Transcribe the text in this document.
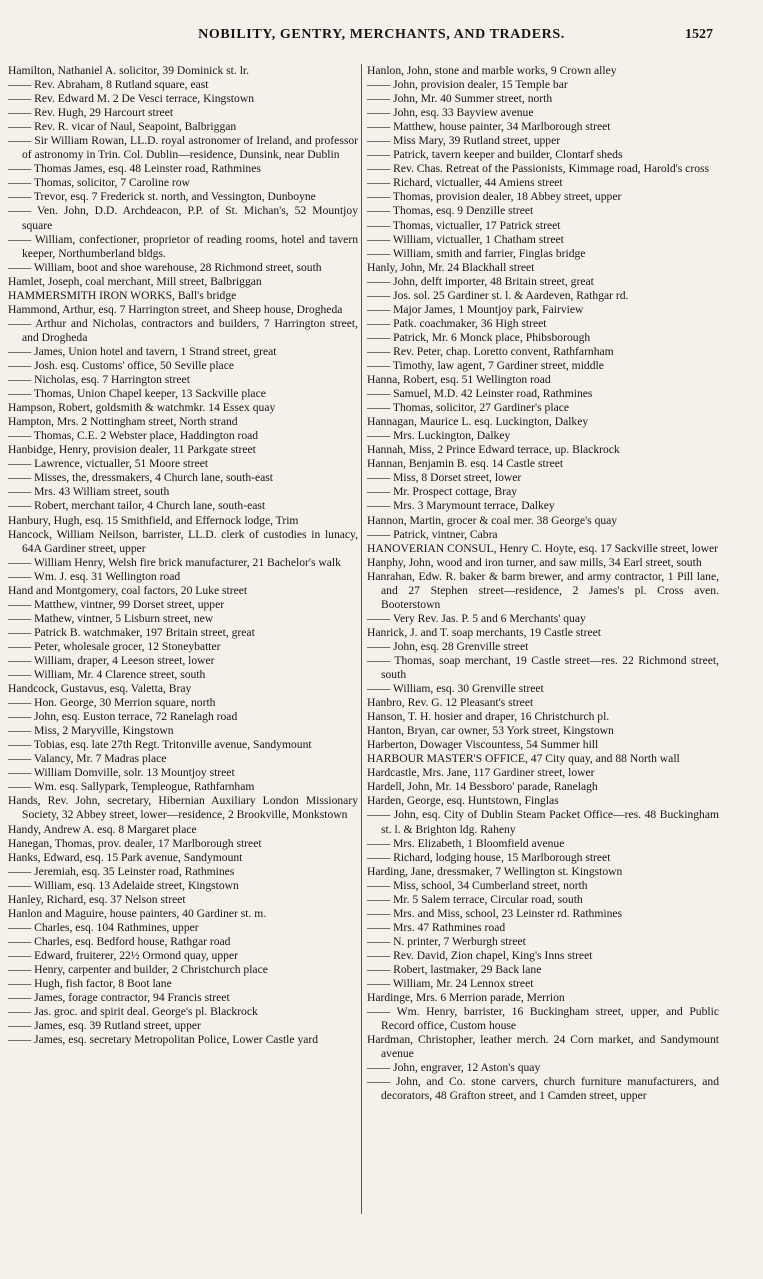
NOBILITY, GENTRY, MERCHANTS, AND TRADERS.	1527

Hamilton, Nathaniel A. solicitor, 39 Dominick st. lr.

—— Rev. Abraham, 8 Rutland square, east

—— Rev. Edward M. 2 De Vesci terrace, Kingstown

—— Rev. Hugh, 29 Harcourt street

—— Rev. R. vicar of Naul, Seapoint, Balbriggan

—— Sir William Rowan, LL.D. royal astronomer of Ireland, and professor of astronomy in Trin. Col. Dublin—residence, Dunsink, near Dublin

—— Thomas James, esq. 48 Leinster road, Rathmines

—— Thomas, solicitor, 7 Caroline row

—— Trevor, esq. 7 Frederick st. north, and Vessington, Dunboyne

—— Ven. John, D.D. Archdeacon, P.P. of St. Michan's, 52 Mountjoy square

—— William, confectioner, proprietor of reading rooms, hotel and tavern keeper, Northumberland bldgs.

—— William, boot and shoe warehouse, 28 Richmond street, south

Hamlet, Joseph, coal merchant, Mill street, Balbriggan

HAMMERSMITH IRON WORKS, Ball's bridge

Hammond, Arthur, esq. 7 Harrington street, and Sheep house, Drogheda

—— Arthur and Nicholas, contractors and builders, 7 Harrington street, and Drogheda

—— James, Union hotel and tavern, 1 Strand street, great

—— Josh. esq. Customs' office, 50 Seville place

—— Nicholas, esq. 7 Harrington street

—— Thomas, Union Chapel keeper, 13 Sackville place

Hampson, Robert, goldsmith & watchmkr. 14 Essex quay

Hampton, Mrs. 2 Nottingham street, North strand

—— Thomas, C.E. 2 Webster place, Haddington road

Hanbidge, Henry, provision dealer, 11 Parkgate street

—— Lawrence, victualler, 51 Moore street

—— Misses, the, dressmakers, 4 Church lane, south-east

—— Mrs. 43 William street, south

—— Robert, merchant tailor, 4 Church lane, south-east

Hanbury, Hugh, esq. 15 Smithfield, and Effernock lodge, Trim

Hancock, William Neilson, barrister, LL.D. clerk of custodies in lunacy, 64A Gardiner street, upper

—— William Henry, Welsh fire brick manufacturer, 21 Bachelor's walk

—— Wm. J. esq. 31 Wellington road

Hand and Montgomery, coal factors, 20 Luke street

—— Matthew, vintner, 99 Dorset street, upper

—— Mathew, vintner, 5 Lisburn street, new

—— Patrick B. watchmaker, 197 Britain street, great

—— Peter, wholesale grocer, 12 Stoneybatter

—— William, draper, 4 Leeson street, lower

—— William, Mr. 4 Clarence street, south

Handcock, Gustavus, esq. Valetta, Bray

—— Hon. George, 30 Merrion square, north

—— John, esq. Euston terrace, 72 Ranelagh road

—— Miss, 2 Maryville, Kingstown

—— Tobias, esq. late 27th Regt. Tritonville avenue, Sandymount

—— Valancy, Mr. 7 Madras place

—— William Domville, solr. 13 Mountjoy street

—— Wm. esq. Sallypark, Templeogue, Rathfarnham

Hands, Rev. John, secretary, Hibernian Auxiliary London Missionary Society, 32 Abbey street, lower—residence, 2 Brookville, Monkstown

Handy, Andrew A. esq. 8 Margaret place

Hanegan, Thomas, prov. dealer, 17 Marlborough street

Hanks, Edward, esq. 15 Park avenue, Sandymount

—— Jeremiah, esq. 35 Leinster road, Rathmines

—— William, esq. 13 Adelaide street, Kingstown

Hanley, Richard, esq. 37 Nelson street

Hanlon and Maguire, house painters, 40 Gardiner st. m.

—— Charles, esq. 104 Rathmines, upper

—— Charles, esq. Bedford house, Rathgar road

—— Edward, fruiterer, 22½ Ormond quay, upper

—— Henry, carpenter and builder, 2 Christchurch place

—— Hugh, fish factor, 8 Boot lane

—— James, forage contractor, 94 Francis street

—— Jas. groc. and spirit deal. George's pl. Blackrock

—— James, esq. 39 Rutland street, upper

—— James, esq. secretary Metropolitan Police, Lower Castle yard

Hanlon, John, stone and marble works, 9 Crown alley

—— John, provision dealer, 15 Temple bar

—— John, Mr. 40 Summer street, north

—— John, esq. 33 Bayview avenue

—— Matthew, house painter, 34 Marlborough street

—— Miss Mary, 39 Rutland street, upper

—— Patrick, tavern keeper and builder, Clontarf sheds

—— Rev. Chas. Retreat of the Passionists, Kimmage road, Harold's cross

—— Richard, victualler, 44 Amiens street

—— Thomas, provision dealer, 18 Abbey street, upper

—— Thomas, esq. 9 Denzille street

—— Thomas, victualler, 17 Patrick street

—— William, victualler, 1 Chatham street

—— William, smith and farrier, Finglas bridge

Hanly, John, Mr. 24 Blackhall street

—— John, delft importer, 48 Britain street, great

—— Jos. sol. 25 Gardiner st. l. & Aardeven, Rathgar rd.

—— Major James, 1 Mountjoy park, Fairview

—— Patk. coachmaker, 36 High street

—— Patrick, Mr. 6 Monck place, Phibsborough

—— Rev. Peter, chap. Loretto convent, Rathfarnham

—— Timothy, law agent, 7 Gardiner street, middle

Hanna, Robert, esq. 51 Wellington road

—— Samuel, M.D. 42 Leinster road, Rathmines

—— Thomas, solicitor, 27 Gardiner's place

Hannagan, Maurice L. esq. Luckington, Dalkey

—— Mrs. Luckington, Dalkey

Hannah, Miss, 2 Prince Edward terrace, up. Blackrock

Hannan, Benjamin B. esq. 14 Castle street

—— Miss, 8 Dorset street, lower

—— Mr. Prospect cottage, Bray

—— Mrs. 3 Marymount terrace, Dalkey

Hannon, Martin, grocer & coal mer. 38 George's quay

—— Patrick, vintner, Cabra

HANOVERIAN CONSUL, Henry C. Hoyte, esq. 17 Sackville street, lower

Hanphy, John, wood and iron turner, and saw mills, 34 Earl street, south

Hanrahan, Edw. R. baker & barm brewer, and army contractor, 1 Pill lane, and 27 Stephen street—residence, 2 James's pl. Cross aven. Booterstown

—— Very Rev. Jas. P. 5 and 6 Merchants' quay

Hanrick, J. and T. soap merchants, 19 Castle street

—— John, esq. 28 Grenville street

—— Thomas, soap merchant, 19 Castle street—res. 22 Richmond street, south

—— William, esq. 30 Grenville street

Hanbro, Rev. G. 12 Pleasant's street

Hanson, T. H. hosier and draper, 16 Christchurch pl.

Hanton, Bryan, car owner, 53 York street, Kingstown

Harberton, Dowager Viscountess, 54 Summer hill

HARBOUR MASTER'S OFFICE, 47 City quay, and 88 North wall

Hardcastle, Mrs. Jane, 117 Gardiner street, lower

Hardell, John, Mr. 14 Bessboro' parade, Ranelagh

Harden, George, esq. Huntstown, Finglas

—— John, esq. City of Dublin Steam Packet Office—res. 48 Buckingham st. l. & Brighton ldg. Raheny

—— Mrs. Elizabeth, 1 Bloomfield avenue

—— Richard, lodging house, 15 Marlborough street

Harding, Jane, dressmaker, 7 Wellington st. Kingstown

—— Miss, school, 34 Cumberland street, north

—— Mr. 5 Salem terrace, Circular road, south

—— Mrs. and Miss, school, 23 Leinster rd. Rathmines

—— Mrs. 47 Rathmines road

—— N. printer, 7 Werburgh street

—— Rev. David, Zion chapel, King's Inns street

—— Robert, lastmaker, 29 Back lane

—— William, Mr. 24 Lennox street

Hardinge, Mrs. 6 Merrion parade, Merrion

—— Wm. Henry, barrister, 16 Buckingham street, upper, and Public Record office, Custom house

Hardman, Christopher, leather merch. 24 Corn market, and Sandymount avenue

—— John, engraver, 12 Aston's quay

—— John, and Co. stone carvers, church furniture manufacturers, and decorators, 48 Grafton street, and 1 Camden street, upper
